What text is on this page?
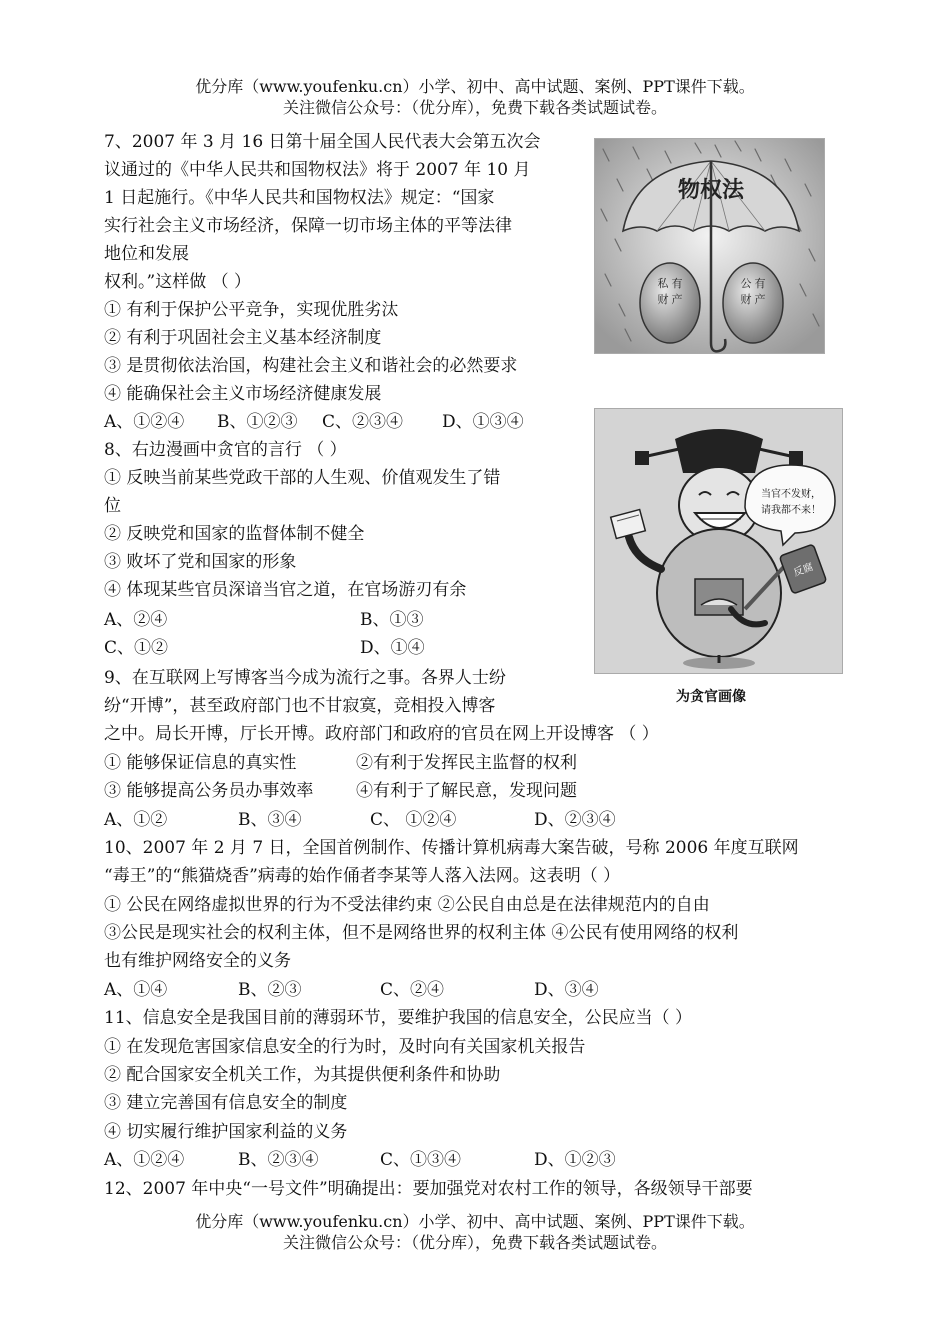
优分库（www.youfenku.cn）小学、初中、高中试题、案例、PPT课件下载。
关注微信公众号：（优分库），免费下载各类试题试卷。
7、2007 年 3 月 16 日第十届全国人民代表大会第五次会
议通过的《中华人民共和国物权法》将于 2007 年 10 月
1 日起施行。《中华人民共和国物权法》规定：“国家
实行社会主义市场经济，保障一切市场主体的平等法律
地位和发展
权利。”这样做 （ ）
① 有利于保护公平竞争，实现优胜劣汰
② 有利于巩固社会主义基本经济制度
③ 是贯彻依法治国，构建社会主义和谐社会的必然要求
④ 能确保社会主义市场经济健康发展
A、①②④ B、①②③ C、②③④ D、①③④
8、右边漫画中贪官的言行 （ ）
① 反映当前某些党政干部的人生观、价值观发生了错
位
② 反映党和国家的监督体制不健全
③ 败坏了党和国家的形象
④ 体现某些官员深谙当官之道，在官场游刃有余
A、②④	B、①③
C、①②	D、①④
9、在互联网上写博客当今成为流行之事。各界人士纷
纷“开博”，甚至政府部门也不甘寂寞，竞相投入博客
之中。局长开博，厅长开博。政府部门和政府的官员在网上开设博客 （ ）
① 能够保证信息的真实性	②有利于发挥民主监督的权利
③ 能够提高公务员办事效率	④有利于了解民意，发现问题
A、①②	B、③④	C、 ①②④	D、②③④
10、2007 年 2 月 7 日，全国首例制作、传播计算机病毒大案告破，号称 2006 年度互联网
“毒王”的“熊猫烧香”病毒的始作俑者李某等人落入法网。这表明（ ）
① 公民在网络虚拟世界的行为不受法律约束 ②公民自由总是在法律规范内的自由
③公民是现实社会的权利主体，但不是网络世界的权利主体 ④公民有使用网络的权利
也有维护网络安全的义务
A、①④	B、②③	C、②④	D、③④
11、信息安全是我国目前的薄弱环节，要维护我国的信息安全，公民应当（ ）
① 在发现危害国家信息安全的行为时，及时向有关国家机关报告
② 配合国家安全机关工作，为其提供便利条件和协助
③ 建立完善国有信息安全的制度
④ 切实履行维护国家利益的义务
A、①②④	B、②③④	C、①③④	D、①②③
12、2007 年中央“一号文件”明确提出：要加强党对农村工作的领导，各级领导干部要
物权法
私 有
财 产
公 有
财 产
当官不发财，
请我都不来！
反腐
为贪官画像
优分库（www.youfenku.cn）小学、初中、高中试题、案例、PPT课件下载。
关注微信公众号：（优分库），免费下载各类试题试卷。
